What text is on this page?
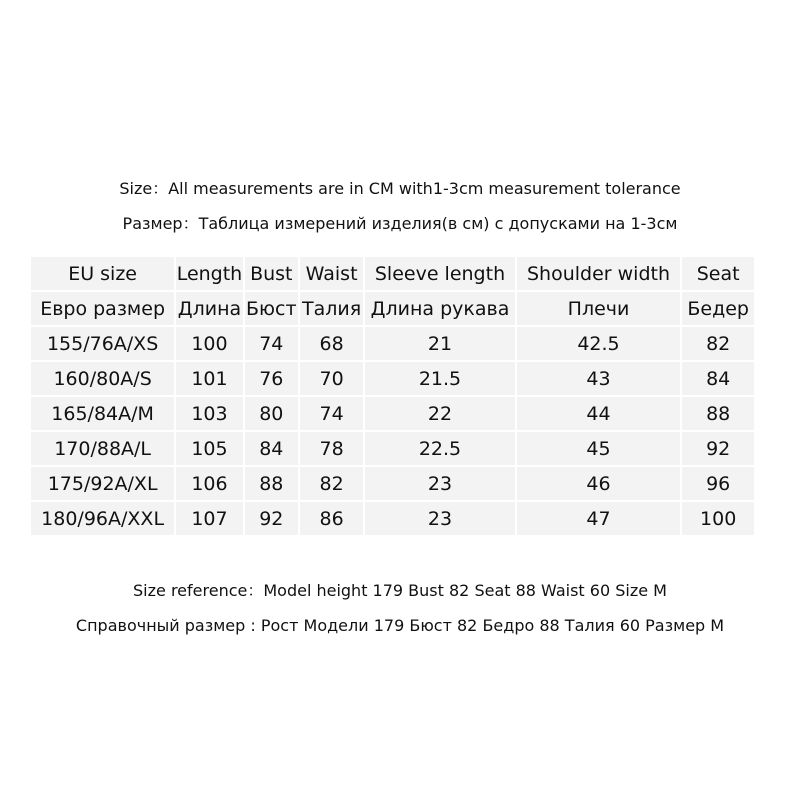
Size：All measurements are in CM with1-3cm measurement tolerance
Размер：Таблица измерений изделия(в см) с допусками на 1-3см
EU size	Length	Bust	Waist	Sleeve length	Shoulder width	Seat
Евро размер	Длина	Бюст	Талия	Длина рукава	Плечи	Бедер
155/76A/XS	100	74	68	21	42.5	82
160/80A/S	101	76	70	21.5	43	84
165/84A/M	103	80	74	22	44	88
170/88A/L	105	84	78	22.5	45	92
175/92A/XL	106	88	82	23	46	96
180/96A/XXL	107	92	86	23	47	100
Size reference：Model height 179 Bust 82 Seat 88 Waist 60 Size M
Справочный размер : Рост Модели 179 Бюст 82 Бедро 88 Талия 60 Размер M
